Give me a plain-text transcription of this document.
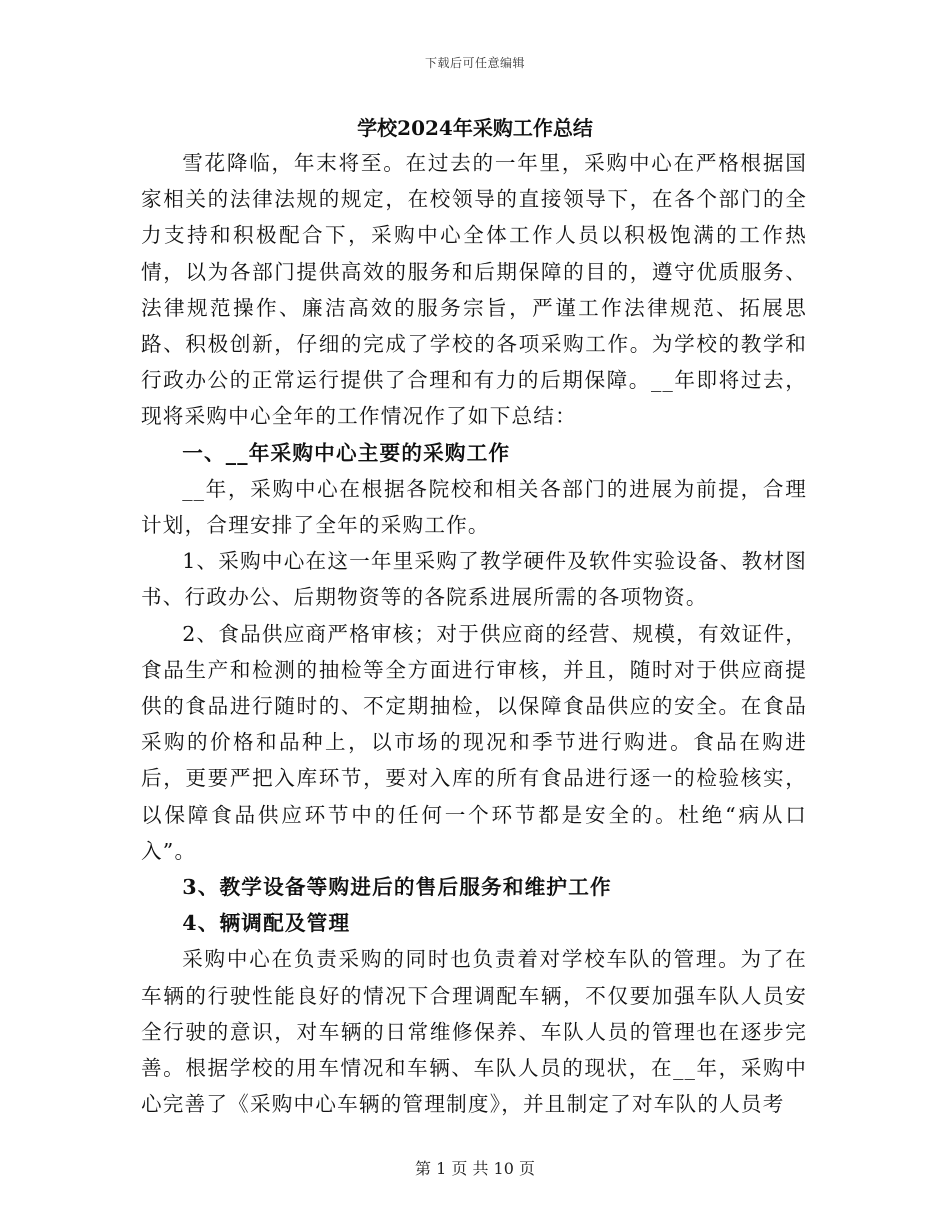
下载后可任意编辑
学校2024年采购工作总结

雪花降临，年末将至。在过去的一年里，采购中心在严格根据国家相关的法律法规的规定，在校领导的直接领导下，在各个部门的全力支持和积极配合下，采购中心全体工作人员以积极饱满的工作热情，以为各部门提供高效的服务和后期保障的目的，遵守优质服务、法律规范操作、廉洁高效的服务宗旨，严谨工作法律规范、拓展思路、积极创新，仔细的完成了学校的各项采购工作。为学校的教学和行政办公的正常运行提供了合理和有力的后期保障。__年即将过去，现将采购中心全年的工作情况作了如下总结：

一、__年采购中心主要的采购工作

__年，采购中心在根据各院校和相关各部门的进展为前提，合理计划，合理安排了全年的采购工作。

1、采购中心在这一年里采购了教学硬件及软件实验设备、教材图书、行政办公、后期物资等的各院系进展所需的各项物资。

2、食品供应商严格审核；对于供应商的经营、规模，有效证件，食品生产和检测的抽检等全方面进行审核，并且，随时对于供应商提供的食品进行随时的、不定期抽检，以保障食品供应的安全。在食品采购的价格和品种上，以市场的现况和季节进行购进。食品在购进后，更要严把入库环节，要对入库的所有食品进行逐一的检验核实，以保障食品供应环节中的任何一个环节都是安全的。杜绝“病从口入”。

3、教学设备等购进后的售后服务和维护工作

4、辆调配及管理

采购中心在负责采购的同时也负责着对学校车队的管理。为了在车辆的行驶性能良好的情况下合理调配车辆，不仅要加强车队人员安全行驶的意识，对车辆的日常维修保养、车队人员的管理也在逐步完善。根据学校的用车情况和车辆、车队人员的现状，在__年，采购中心完善了《采购中心车辆的管理制度》，并且制定了对车队的人员考

第 1 页 共 10 页
